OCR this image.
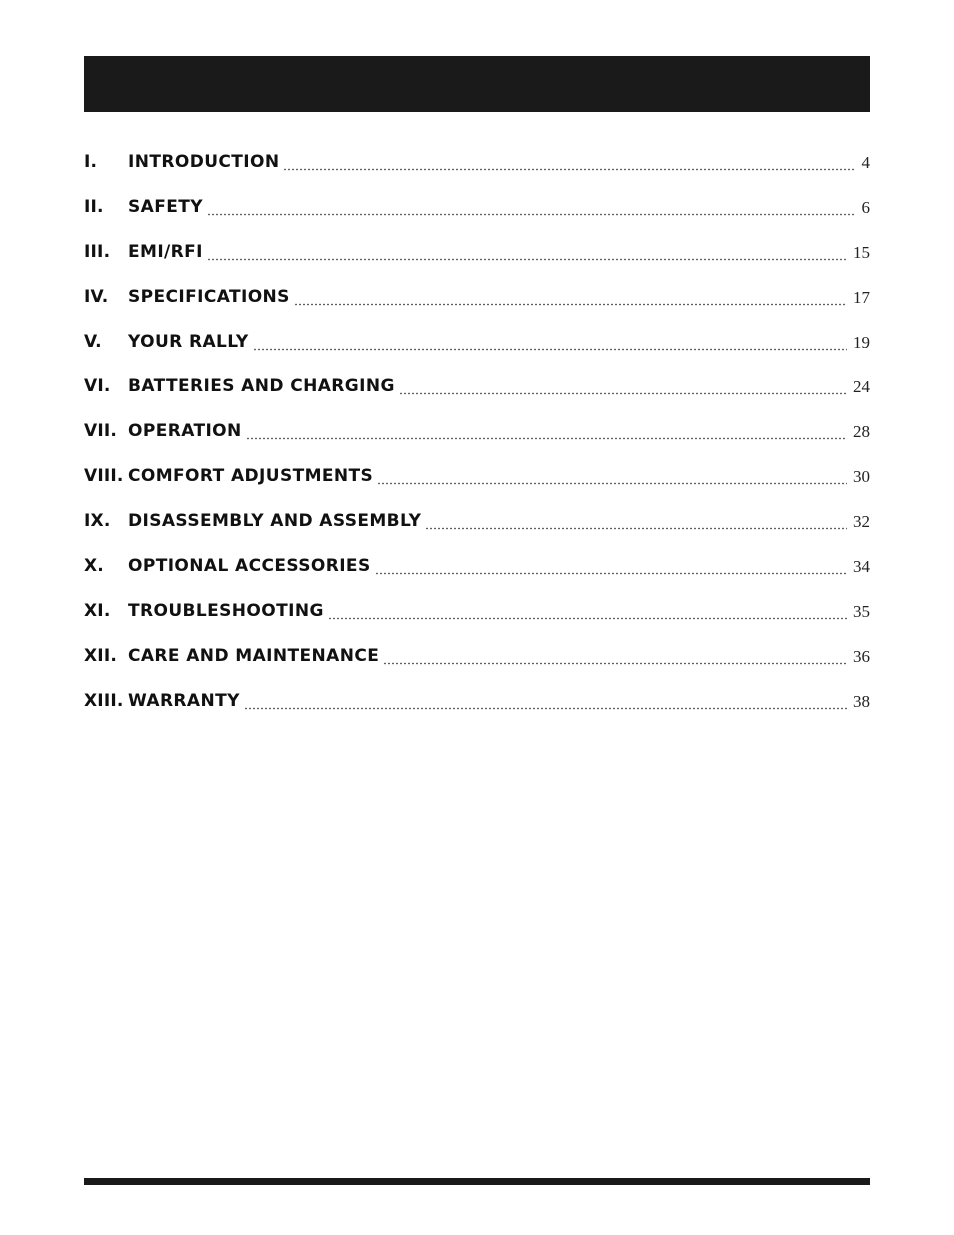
I.	INTRODUCTION	4
II.	SAFETY	6
III.	EMI/RFI	15
IV.	SPECIFICATIONS	17
V.	YOUR RALLY	19
VI.	BATTERIES AND CHARGING	24
VII. OPERATION	28
VIII. COMFORT ADJUSTMENTS	30
IX.	DISASSEMBLY AND ASSEMBLY	32
X.	OPTIONAL ACCESSORIES	34
XI.	TROUBLESHOOTING	35
XII. CARE AND MAINTENANCE	36
XIII. WARRANTY	38
